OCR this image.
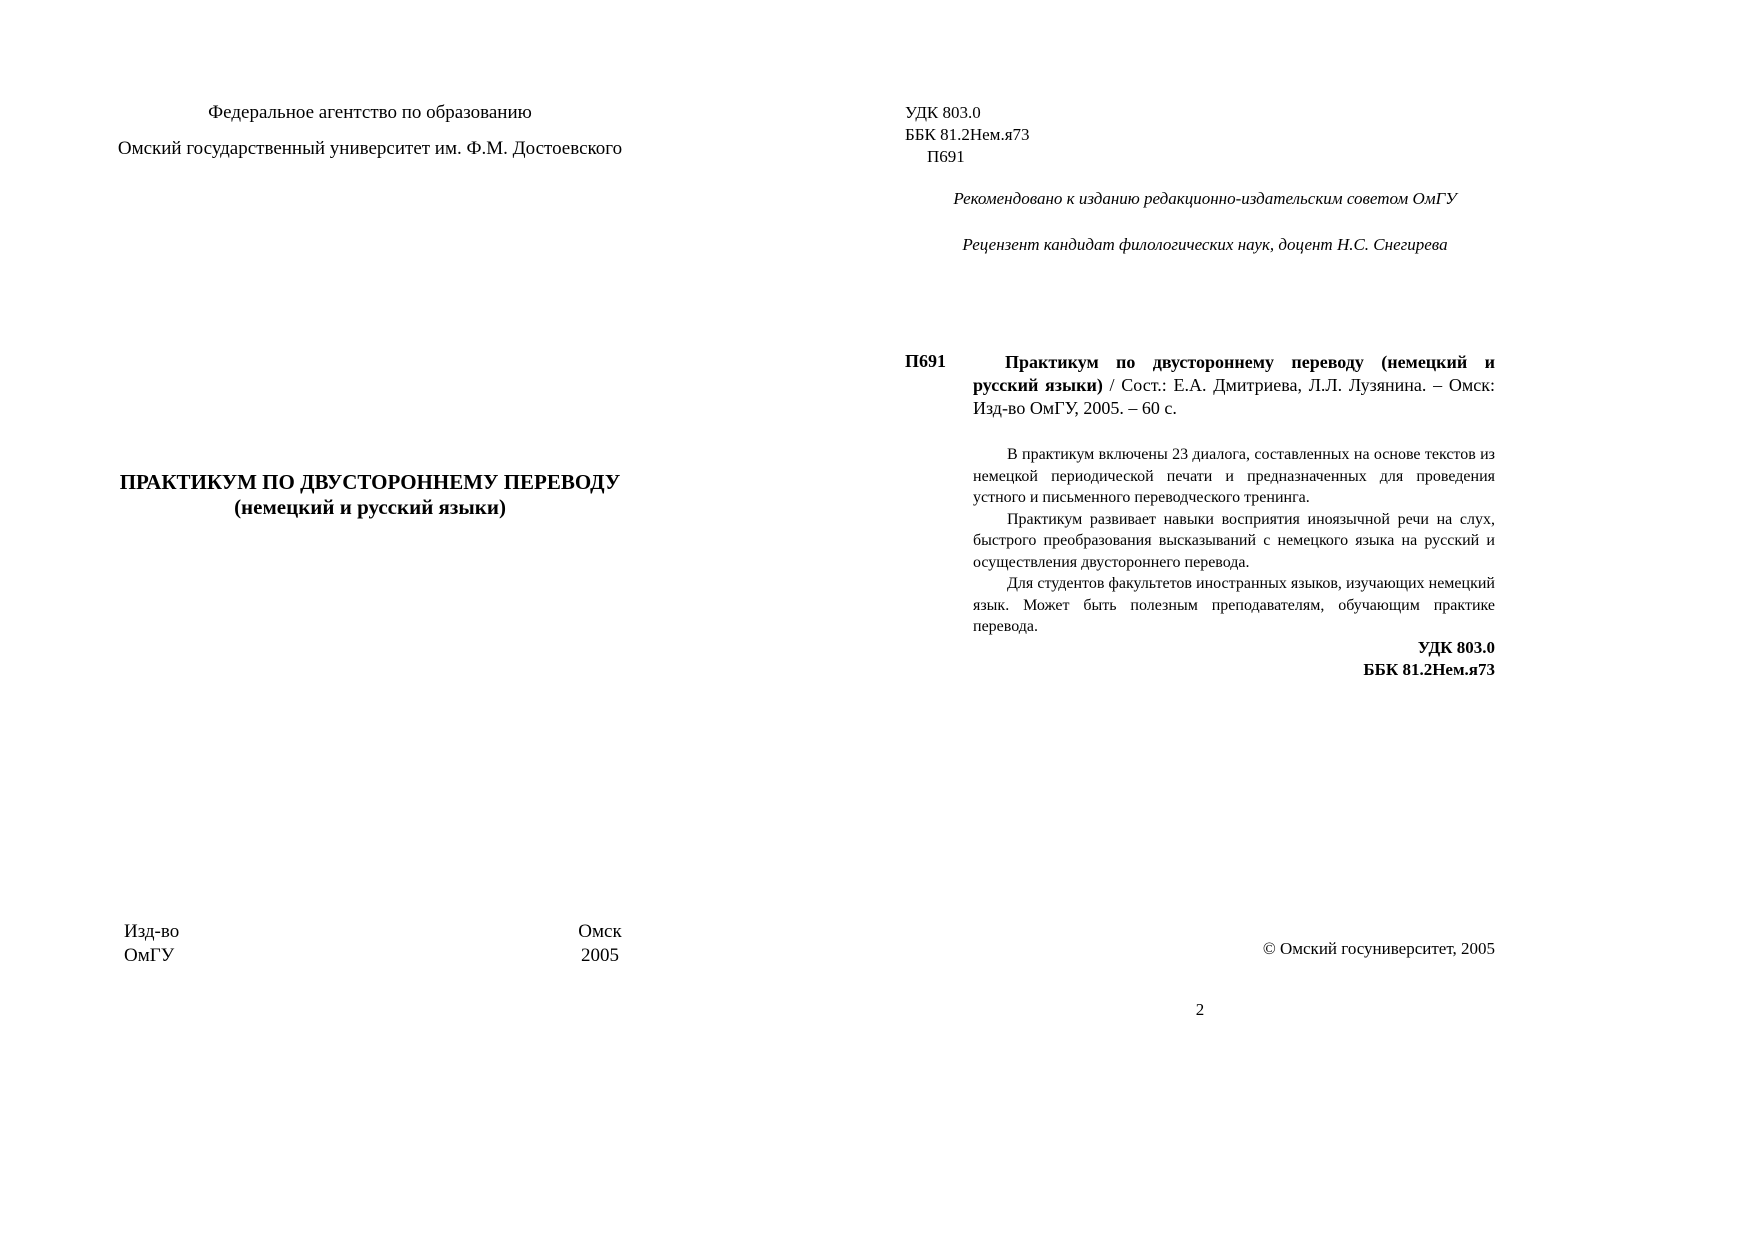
Федеральное агентство по образованию
Омский государственный университет им. Ф.М. Достоевского
ПРАКТИКУМ ПО ДВУСТОРОННЕМУ ПЕРЕВОДУ
(немецкий и русский языки)
Изд-во
ОмГУ
Омск
2005
УДК 803.0
ББК 81.2Нем.я73
П691
Рекомендовано к изданию редакционно-издательским советом ОмГУ
Рецензент кандидат филологических наук, доцент Н.С. Снегирева
П691	Практикум по двустороннему переводу (немецкий и русский языки) / Сост.: Е.А. Дмитриева, Л.Л. Лузянина. – Омск: Изд-во ОмГУ, 2005. – 60 с.

В практикум включены 23 диалога, составленных на основе текстов из немецкой периодической печати и предназначенных для проведения устного и письменного переводческого тренинга.

Практикум развивает навыки восприятия иноязычной речи на слух, быстрого преобразования высказываний с немецкого языка на русский и осуществления двустороннего перевода.

Для студентов факультетов иностранных языков, изучающих немецкий язык. Может быть полезным преподавателям, обучающим практике перевода.

УДК 803.0
ББК 81.2Нем.я73
© Омский госуниверситет, 2005
2
